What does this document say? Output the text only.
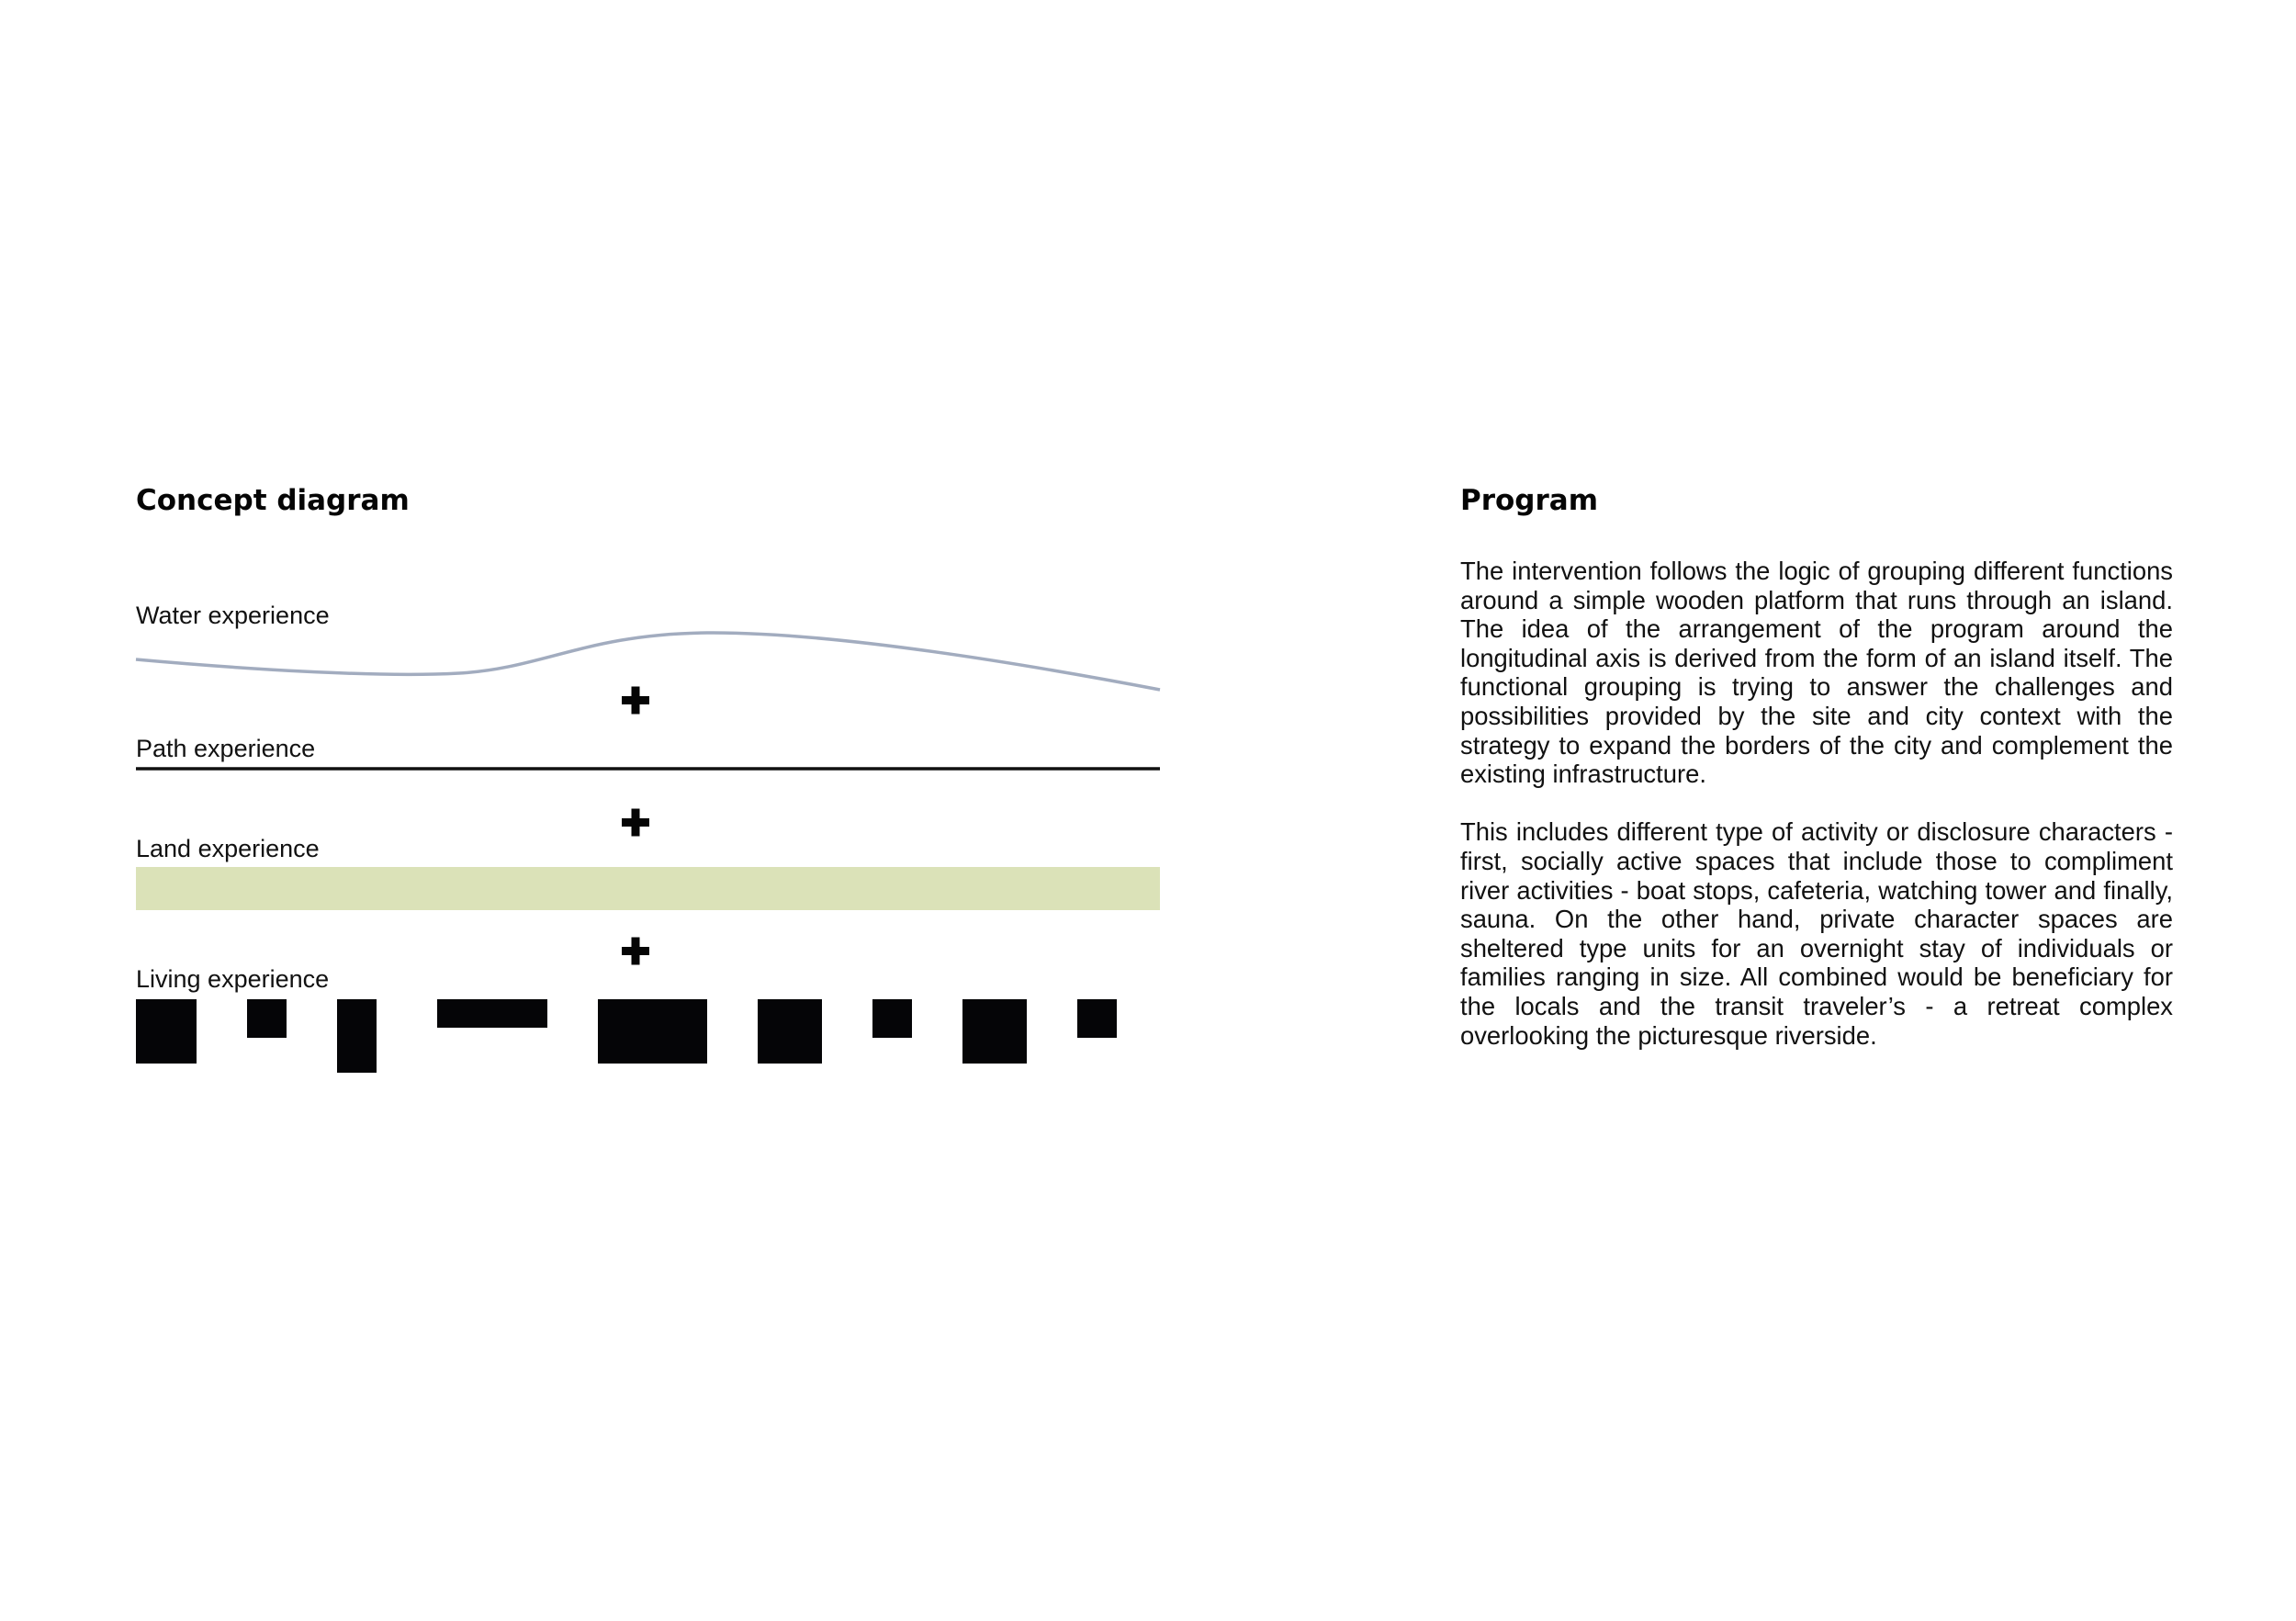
Concept diagram
Water experience
Path experience
Land experience
Living experience
Program

The intervention follows the logic of grouping different functions around a simple wooden platform that runs through an island. The idea of the arrangement of the program around the longitudinal axis is derived from the form of an island itself. The functional grouping is trying to answer the challenges and possibilities provided by the site and city context with the strategy to expand the borders of the city and complement the existing infrastructure.

This includes different type of activity or disclosure characters - first, socially active spaces that include those to compliment river activities - boat stops, cafeteria, watching tower and finally, sauna. On the other hand, private character spaces are sheltered type units for an overnight stay of individuals or families ranging in size. All combined would be beneficiary for the locals and the transit traveler’s - a retreat complex overlooking the picturesque riverside.
